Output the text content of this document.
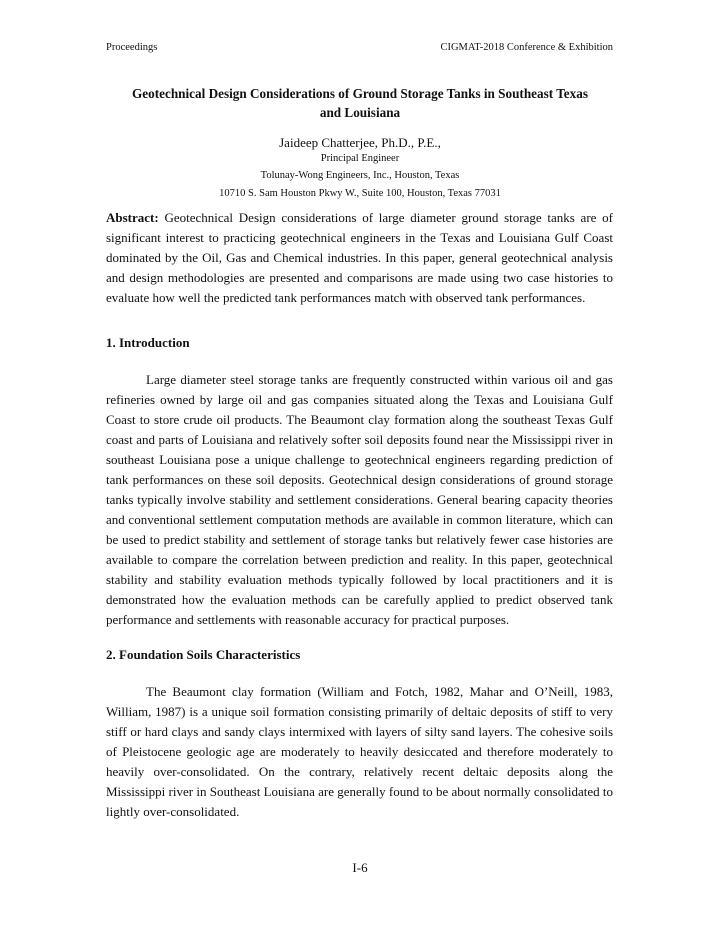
Proceedings	CIGMAT-2018 Conference & Exhibition
Geotechnical Design Considerations of Ground Storage Tanks in Southeast Texas
and Louisiana
Jaideep Chatterjee, Ph.D., P.E.,
Principal Engineer
Tolunay-Wong Engineers, Inc., Houston, Texas
10710 S. Sam Houston Pkwy W., Suite 100, Houston, Texas 77031

Abstract: Geotechnical Design considerations of large diameter ground storage tanks are of significant interest to practicing geotechnical engineers in the Texas and Louisiana Gulf Coast dominated by the Oil, Gas and Chemical industries. In this paper, general geotechnical analysis and design methodologies are presented and comparisons are made using two case histories to evaluate how well the predicted tank performances match with observed tank performances.

1. Introduction

Large diameter steel storage tanks are frequently constructed within various oil and gas refineries owned by large oil and gas companies situated along the Texas and Louisiana Gulf Coast to store crude oil products. The Beaumont clay formation along the southeast Texas Gulf coast and parts of Louisiana and relatively softer soil deposits found near the Mississippi river in southeast Louisiana pose a unique challenge to geotechnical engineers regarding prediction of tank performances on these soil deposits. Geotechnical design considerations of ground storage tanks typically involve stability and settlement considerations. General bearing capacity theories and conventional settlement computation methods are available in common literature, which can be used to predict stability and settlement of storage tanks but relatively fewer case histories are available to compare the correlation between prediction and reality. In this paper, geotechnical stability and stability evaluation methods typically followed by local practitioners and it is demonstrated how the evaluation methods can be carefully applied to predict observed tank performance and settlements with reasonable accuracy for practical purposes.

2. Foundation Soils Characteristics

The Beaumont clay formation (William and Fotch, 1982, Mahar and O’Neill, 1983, William, 1987) is a unique soil formation consisting primarily of deltaic deposits of stiff to very stiff or hard clays and sandy clays intermixed with layers of silty sand layers. The cohesive soils of Pleistocene geologic age are moderately to heavily desiccated and therefore moderately to heavily over-consolidated. On the contrary, relatively recent deltaic deposits along the Mississippi river in Southeast Louisiana are generally found to be about normally consolidated to lightly over-consolidated.

I-6
